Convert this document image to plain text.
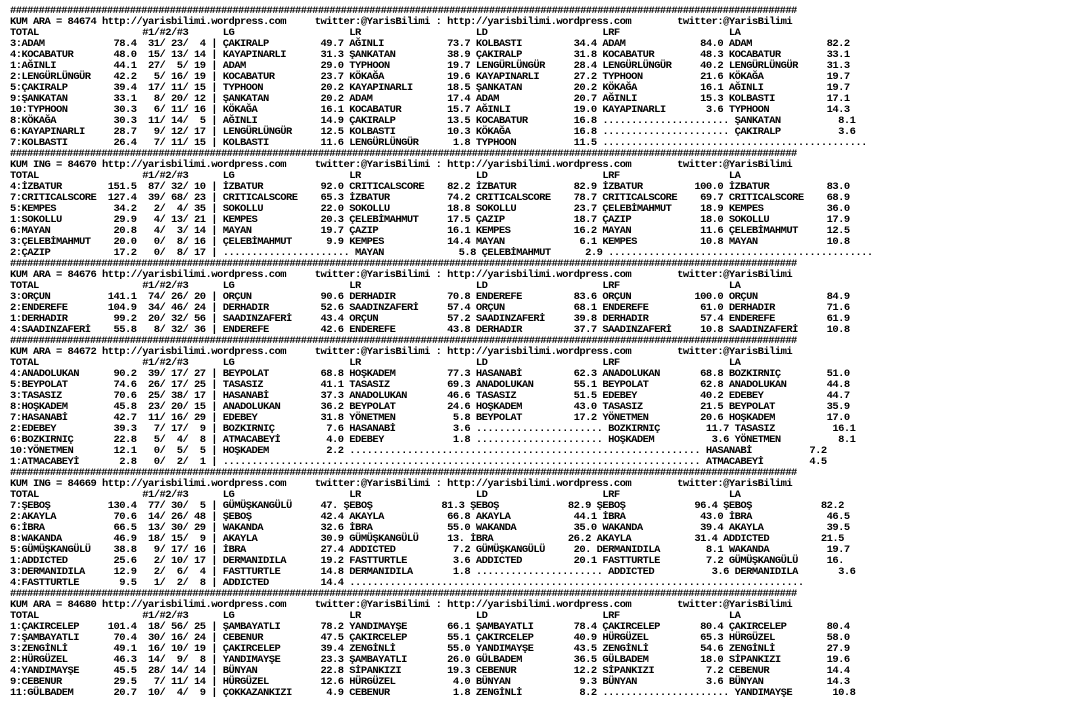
##########################################################################################################################################
KUM ARA = 84674 http://yarisbilimi.wordpress.com     twitter:@YarisBilimi : http://yarisbilimi.wordpress.com        twitter:@YarisBilimi
TOTAL                  #1/#2/#3      LG                    LR                    LD                    LRF                   LA
3:ADAM            78.4  31/ 23/  4 | ÇAKIRALP         49.7 AĞINLI           73.7 KOLBASTI         34.4 ADAM             84.0 ADAM             82.2
4:KOCABATUR       48.0  15/ 13/ 14 | KAYAPINARLI      31.3 ŞANKATAN         38.9 ÇAKIRALP         31.8 KOCABATUR        48.3 KOCABATUR        33.1
1:AĞINLI          44.1  27/  5/ 19 | ADAM             29.0 TYPHOON          19.7 LENGÜRLÜNGÜR     28.4 LENGÜRLÜNGÜR     40.2 LENGÜRLÜNGÜR     31.3
2:LENGÜRLÜNGÜR    42.2   5/ 16/ 19 | KOCABATUR        23.7 KÖKAĞA           19.6 KAYAPINARLI      27.2 TYPHOON          21.6 KÖKAĞA           19.7
5:ÇAKIRALP        39.4  17/ 11/ 15 | TYPHOON          20.2 KAYAPINARLI      18.5 ŞANKATAN         20.2 KÖKAĞA           16.1 AĞINLI           19.7
9:ŞANKATAN        33.1   8/ 20/ 12 | ŞANKATAN         20.2 ADAM             17.4 ADAM             20.7 AĞINLI           15.3 KOLBASTI         17.1
10:TYPHOON        30.3   6/ 11/ 16 | KÖKAĞA           16.1 KOCABATUR        15.7 AĞINLI           19.0 KAYAPINARLI       3.6 TYPHOON          14.3
8:KÖKAĞA          30.3  11/ 14/  5 | AĞINLI           14.9 ÇAKIRALP         13.5 KOCABATUR        16.8 ...................... ŞANKATAN          8.1
6:KAYAPINARLI     28.7   9/ 12/ 17 | LENGÜRLÜNGÜR     12.5 KOLBASTI         10.3 KÖKAĞA           16.8 ...................... ÇAKIRALP          3.6
7:KOLBASTI        26.4   7/ 11/ 15 | KOLBASTI         11.6 LENGÜRLÜNGÜR      1.8 TYPHOON          11.5 ..............................................
##########################################################################################################################################
KUM ING = 84670 http://yarisbilimi.wordpress.com     twitter:@YarisBilimi : http://yarisbilimi.wordpress.com        twitter:@YarisBilimi
TOTAL                  #1/#2/#3      LG                    LR                    LD                    LRF                   LA
4:İZBATUR        151.5  87/ 32/ 10 | İZBATUR          92.0 CRITICALSCORE    82.2 İZBATUR          82.9 İZBATUR         100.0 İZBATUR          83.0
7:CRITICALSCORE  127.4  39/ 68/ 23 | CRITICALSCORE    65.3 İZBATUR          74.2 CRITICALSCORE    78.7 CRITICALSCORE    69.7 CRITICALSCORE    68.9
5:KEMPES          34.2   2/  4/ 35 | SOKOLLU          22.0 SOKOLLU          18.8 SOKOLLU          23.7 ÇELEBİMAHMUT     18.9 KEMPES           36.0
1:SOKOLLU         29.9   4/ 13/ 21 | KEMPES           20.3 ÇELEBİMAHMUT     17.5 ÇAZIP            18.7 ÇAZIP            18.0 SOKOLLU          17.9
6:MAYAN           20.8   4/  3/ 14 | MAYAN            19.7 ÇAZIP            16.1 KEMPES           16.2 MAYAN            11.6 ÇELEBİMAHMUT     12.5
3:ÇELEBİMAHMUT    20.0   0/  8/ 16 | ÇELEBİMAHMUT      9.9 KEMPES           14.4 MAYAN             6.1 KEMPES           10.8 MAYAN            10.8
2:ÇAZIP           17.2   0/  8/ 17 | ...................... MAYAN             5.8 ÇELEBİMAHMUT      2.9 ..............................................
##########################################################################################################################################
KUM ARA = 84676 http://yarisbilimi.wordpress.com     twitter:@YarisBilimi : http://yarisbilimi.wordpress.com        twitter:@YarisBilimi
TOTAL                  #1/#2/#3      LG                    LR                    LD                    LRF                   LA
3:ORÇUN          141.1  74/ 26/ 20 | ORÇUN            90.6 DERHADIR         70.8 ENDEREFE         83.6 ORÇUN           100.0 ORÇUN            84.9
2:ENDEREFE       104.9  34/ 46/ 24 | DERHADIR         52.6 SAADINZAFERİ     57.4 ORÇUN            68.1 ENDEREFE         61.0 DERHADIR         71.6
1:DERHADIR        99.2  20/ 32/ 56 | SAADINZAFERİ     43.4 ORÇUN            57.2 SAADINZAFERİ     39.8 DERHADIR         57.4 ENDEREFE         61.9
4:SAADINZAFERİ    55.8   8/ 32/ 36 | ENDEREFE         42.6 ENDEREFE         43.8 DERHADIR         37.7 SAADINZAFERİ     10.8 SAADINZAFERİ     10.8
##########################################################################################################################################
KUM ARA = 84672 http://yarisbilimi.wordpress.com     twitter:@YarisBilimi : http://yarisbilimi.wordpress.com        twitter:@YarisBilimi
TOTAL                  #1/#2/#3      LG                    LR                    LD                    LRF                   LA
4:ANADOLUKAN      90.2  39/ 17/ 27 | BEYPOLAT         68.8 HOŞKADEM         77.3 HASANABİ         62.3 ANADOLUKAN       68.8 BOZKIRNIÇ        51.0
5:BEYPOLAT        74.6  26/ 17/ 25 | TASASIZ          41.1 TASASIZ          69.3 ANADOLUKAN       55.1 BEYPOLAT         62.8 ANADOLUKAN       44.8
3:TASASIZ         70.6  25/ 38/ 17 | HASANABİ         37.3 ANADOLUKAN       46.6 TASASIZ          51.5 EDEBEY           40.2 EDEBEY           44.7
8:HOŞKADEM        45.8  23/ 20/ 15 | ANADOLUKAN       36.2 BEYPOLAT         24.6 HOŞKADEM         43.0 TASASIZ          21.5 BEYPOLAT         35.9
7:HASANABİ        42.7  11/ 16/ 29 | EDEBEY           31.8 YÖNETMEN          5.8 BEYPOLAT         17.2 YÖNETMEN         20.6 HOŞKADEM         17.0
2:EDEBEY          39.3   7/ 17/  9 | BOZKIRNIÇ         7.6 HASANABİ          3.6 ...................... BOZKIRNIÇ        11.7 TASASIZ          16.1
6:BOZKIRNIÇ       22.8   5/  4/  8 | ATMACABEYİ        4.0 EDEBEY            1.8 ...................... HOŞKADEM          3.6 YÖNETMEN          8.1
10:YÖNETMEN       12.1   0/  5/  5 | HOŞKADEM          2.2 ............................................................. HASANABİ          7.2
1:ATMACABEYİ       2.8   0/  2/  1 | ................................................................................... ATMACABEYİ        4.5
##########################################################################################################################################
KUM ING = 84669 http://yarisbilimi.wordpress.com     twitter:@YarisBilimi : http://yarisbilimi.wordpress.com        twitter:@YarisBilimi
TOTAL                  #1/#2/#3      LG                    LR                    LD                    LRF                   LA
7:ŞEBOŞ          130.4  77/ 30/  5 | GÜMÜŞKANGÜLÜ     47. ŞEBOŞ            81.3 ŞEBOŞ            82.9 ŞEBOŞ            96.4 ŞEBOŞ            82.2
2:AKAYLA          70.6  14/ 26/ 48 | ŞEBOŞ            42.4 AKAYLA           66.8 AKAYLA           44.1 İBRA             43.0 İBRA             46.5
6:İBRA            66.5  13/ 30/ 29 | WAKANDA          32.6 İBRA             55.0 WAKANDA          35.0 WAKANDA          39.4 AKAYLA           39.5
8:WAKANDA         46.9  18/ 15/  9 | AKAYLA           30.9 GÜMÜŞKANGÜLÜ     13. İBRA             26.2 AKAYLA           31.4 ADDICTED         21.5
5:GÜMÜŞKANGÜLÜ    38.8   9/ 17/ 16 | İBRA             27.4 ADDICTED          7.2 GÜMÜŞKANGÜLÜ     20. DERMANIDILA        8.1 WAKANDA          19.7
1:ADDICTED        25.6   2/ 10/ 17 | DERMANIDILA      19.2 FASTTURTLE        3.6 ADDICTED         20.1 FASTTURTLE        7.2 GÜMÜŞKANGÜLÜ     16.
3:DERMANIDILA     12.9   2/  6/  4 | FASTTURTLE       14.8 DERMANIDILA       1.8 ...................... ADDICTED          3.6 DERMANIDILA       3.6
4:FASTTURTLE       9.5   1/  2/  8 | ADDICTED         14.4 ...............................................................................
##########################################################################################################################################
KUM ARA = 84680 http://yarisbilimi.wordpress.com     twitter:@YarisBilimi : http://yarisbilimi.wordpress.com        twitter:@YarisBilimi
TOTAL                  #1/#2/#3      LG                    LR                    LD                    LRF                   LA
1:ÇAKIRCELEP     101.4  18/ 56/ 25 | ŞAMBAYATLI       78.2 YANDIMAYŞE       66.1 ŞAMBAYATLI       78.4 ÇAKIRCELEP       80.4 ÇAKIRCELEP       80.4
7:ŞAMBAYATLI      70.4  30/ 16/ 24 | CEBENUR          47.5 ÇAKIRCELEP       55.1 ÇAKIRCELEP       40.9 HÜRGÜZEL         65.3 HÜRGÜZEL         58.0
3:ZENGİNLİ        49.1  16/ 10/ 19 | ÇAKIRCELEP       39.4 ZENGİNLİ         55.0 YANDIMAYŞE       43.5 ZENGİNLİ         54.6 ZENGİNLİ         27.9
2:HÜRGÜZEL        46.3  14/  9/  8 | YANDIMAYŞE       23.3 ŞAMBAYATLI       26.0 GÜLBADEM         36.5 GÜLBADEM         18.0 SİPANKIZI        19.6
4:YANDIMAYŞE      45.5  28/ 14/ 14 | BÜNYAN           22.8 SİPANKIZI        19.3 CEBENUR          12.2 SİPANKIZI         7.2 CEBENUR          14.4
9:CEBENUR         29.5   7/ 11/ 14 | HÜRGÜZEL         12.6 HÜRGÜZEL          4.0 BÜNYAN            9.3 BÜNYAN            3.6 BÜNYAN           14.3
11:GÜLBADEM       20.7  10/  4/  9 | ÇOKKAZANKIZI      4.9 CEBENUR           1.8 ZENGİNLİ          8.2 ...................... YANDIMAYŞE       10.8
